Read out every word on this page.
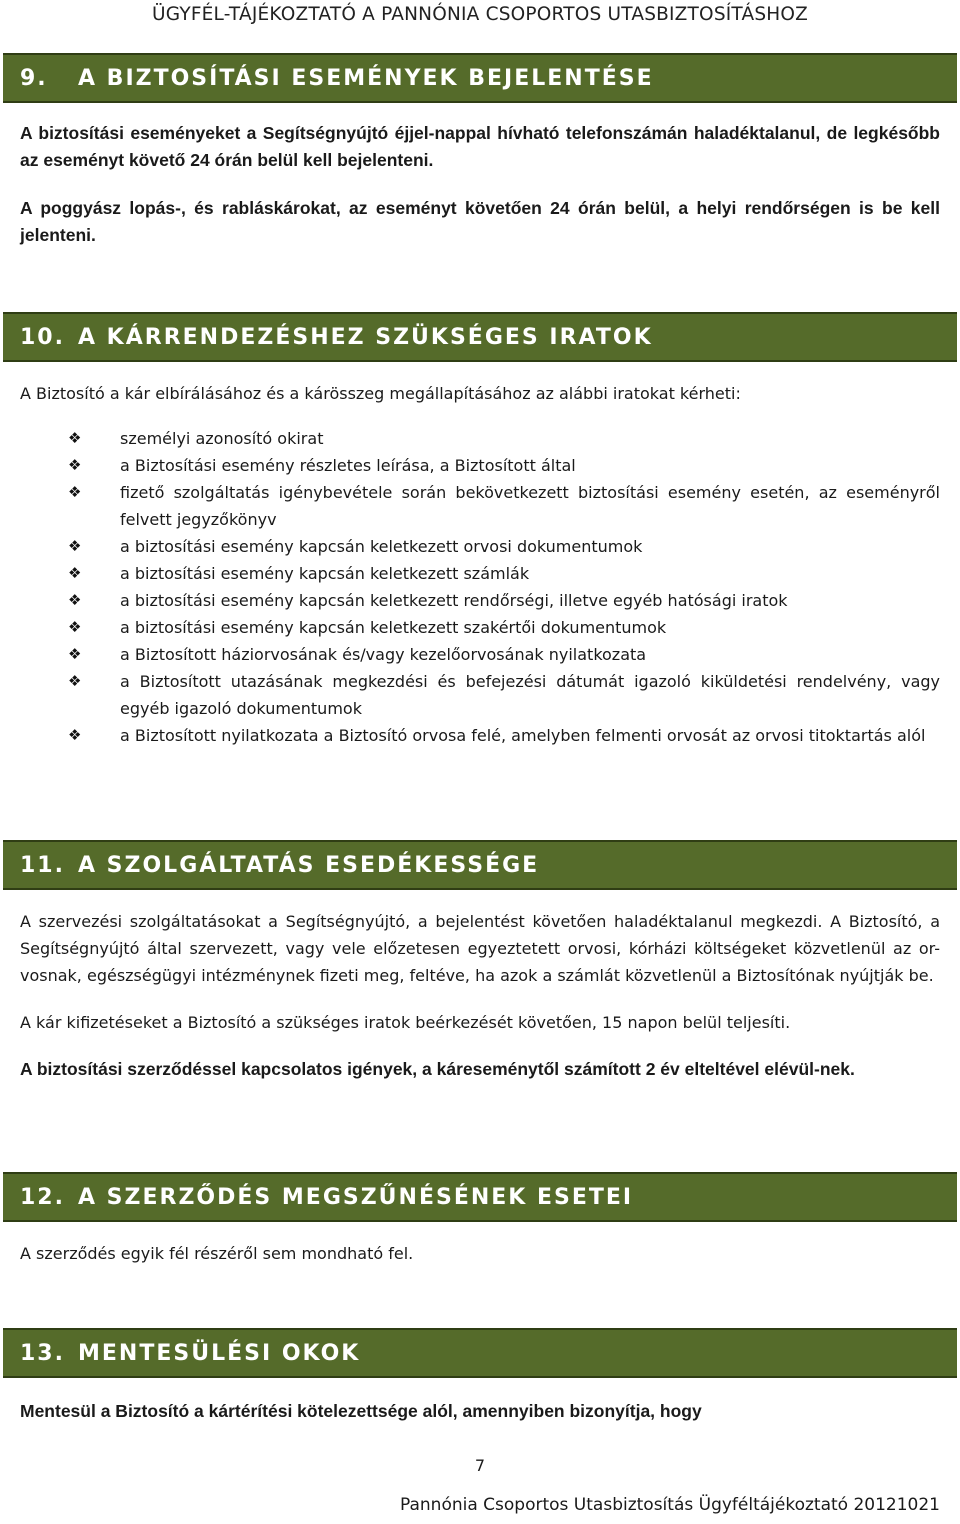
ÜGYFÉL-TÁJÉKOZTATÓ A PANNÓNIA CSOPORTOS UTASBIZTOSÍTÁSHOZ
9.	A BIZTOSÍTÁSI ESEMÉNYEK BEJELENTÉSE
A biztosítási eseményeket a Segítségnyújtó éjjel-nappal hívható telefonszámán haladéktalanul, de legkésőbb az eseményt követő 24 órán belül kell bejelenteni.
A poggyász lopás-, és rabláskárokat, az eseményt követően 24 órán belül, a helyi rendőrségen is be kell jelenteni.
10. A KÁRRENDEZÉSHEZ SZÜKSÉGES IRATOK
A Biztosító a kár elbírálásához és a kárösszeg megállapításához az alábbi iratokat kérheti:
❖ személyi azonosító okirat
❖ a Biztosítási esemény részletes leírása, a Biztosított által
❖ fizető szolgáltatás igénybevétele során bekövetkezett biztosítási esemény esetén, az eseményről felvett jegyzőkönyv
❖ a biztosítási esemény kapcsán keletkezett orvosi dokumentumok
❖ a biztosítási esemény kapcsán keletkezett számlák
❖ a biztosítási esemény kapcsán keletkezett rendőrségi, illetve egyéb hatósági iratok
❖ a biztosítási esemény kapcsán keletkezett szakértői dokumentumok
❖ a Biztosított háziorvosának és/vagy kezelőorvosának nyilatkozata
❖ a Biztosított utazásának megkezdési és befejezési dátumát igazoló kiküldetési rendelvény, vagy egyéb igazoló dokumentumok
❖ a Biztosított nyilatkozata a Biztosító orvosa felé, amelyben felmenti orvosát az orvosi titoktartás alól
11. A SZOLGÁLTATÁS ESEDÉKESSÉGE
A szervezési szolgáltatásokat a Segítségnyújtó, a bejelentést követően haladéktalanul megkezdi. A Biztosító, a Segítségnyújtó által szervezett, vagy vele előzetesen egyeztetett orvosi, kórházi költségeket közvetlenül az or-vosnak, egészségügyi intézménynek fizeti meg, feltéve, ha azok a számlát közvetlenül a Biztosítónak nyújtják be.
A kár kifizetéseket a Biztosító a szükséges iratok beérkezését követően, 15 napon belül teljesíti.
A biztosítási szerződéssel kapcsolatos igények, a káreseménytől számított 2 év elteltével elévül-nek.
12. A SZERZŐDÉS MEGSZŰNÉSÉNEK ESETEI
A szerződés egyik fél részéről sem mondható fel.
13. MENTESÜLÉSI OKOK
Mentesül a Biztosító a kártérítési kötelezettsége alól, amennyiben bizonyítja, hogy
7
Pannónia Csoportos Utasbiztosítás Ügyféltájékoztató 20121021
